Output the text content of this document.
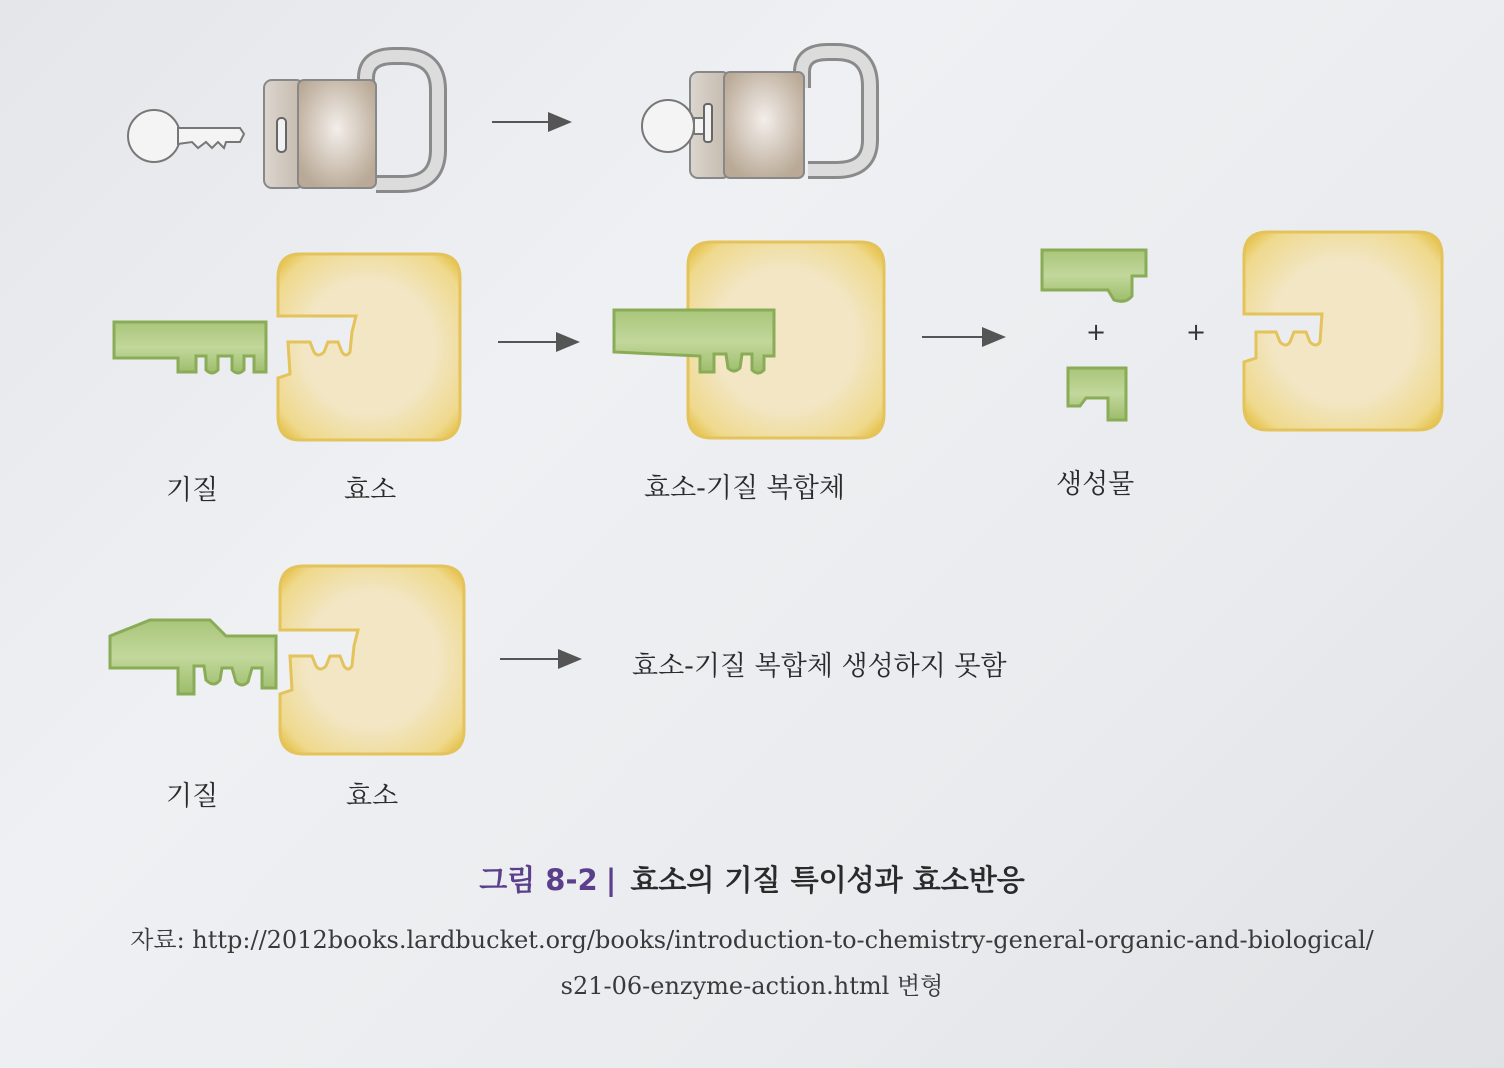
기질	효소	효소-기질 복합체	생성물
+	+
효소-기질 복합체 생성하지 못함
기질	효소
그림 8-2 | 효소의 기질 특이성과 효소반응
자료: http://2012books.lardbucket.org/books/introduction-to-chemistry-general-organic-and-biological/
s21-06-enzyme-action.html 변형
